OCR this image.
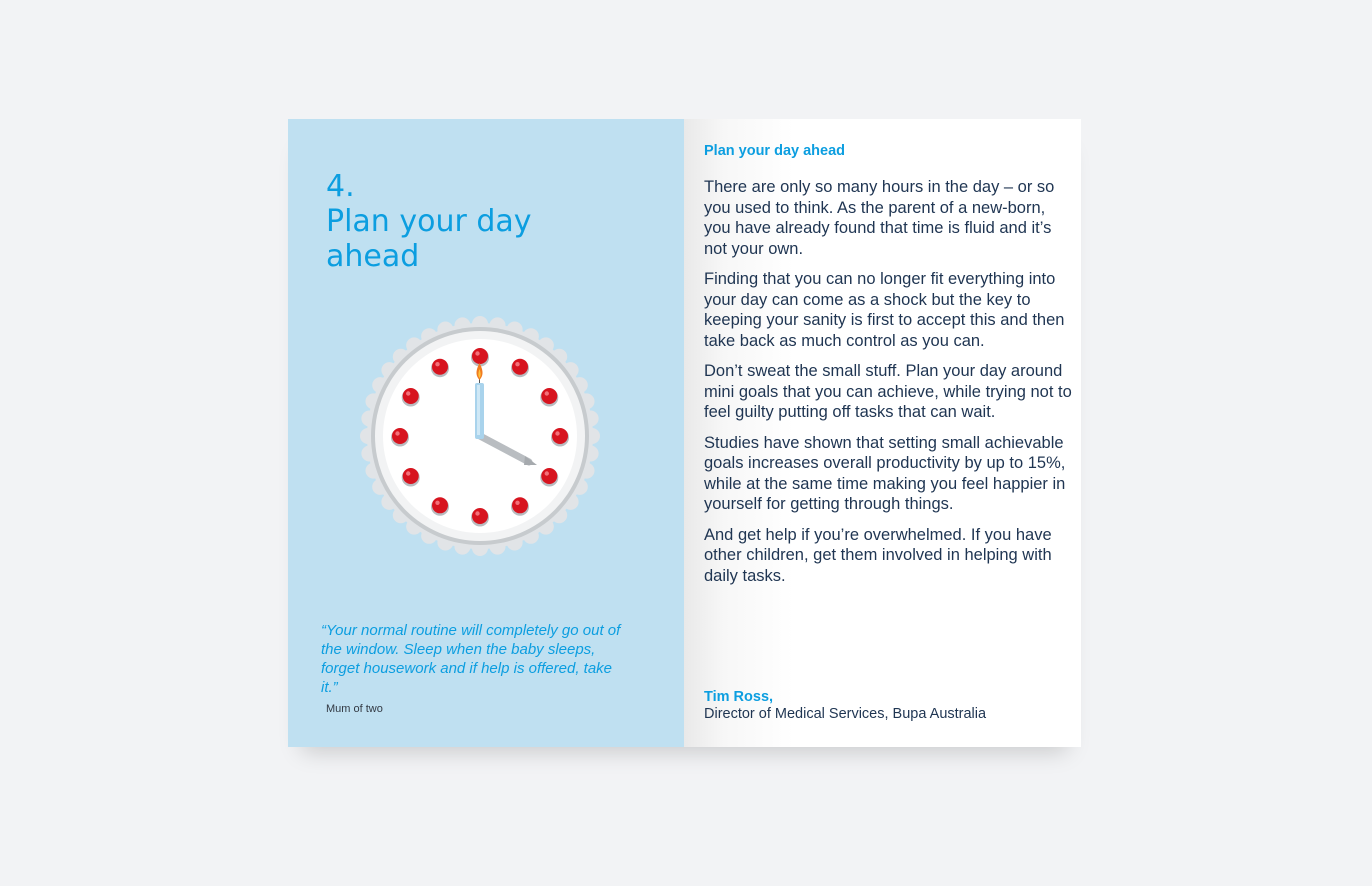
4.
Plan your day ahead

“Your normal routine will completely go out of the window. Sleep when the baby sleeps, forget housework and if help is offered, take it.”

Mum of two

Plan your day ahead

There are only so many hours in the day – or so you used to think. As the parent of a new-born, you have already found that time is fluid and it’s not your own.

Finding that you can no longer fit everything into your day can come as a shock but the key to keeping your sanity is first to accept this and then take back as much control as you can.

Don’t sweat the small stuff. Plan your day around mini goals that you can achieve, while trying not to feel guilty putting off tasks that can wait.

Studies have shown that setting small achievable goals increases overall productivity by up to 15%, while at the same time making you feel happier in yourself for getting through things.

And get help if you’re overwhelmed. If you have other children, get them involved in helping with daily tasks.

Tim Ross,

Director of Medical Services, Bupa Australia
